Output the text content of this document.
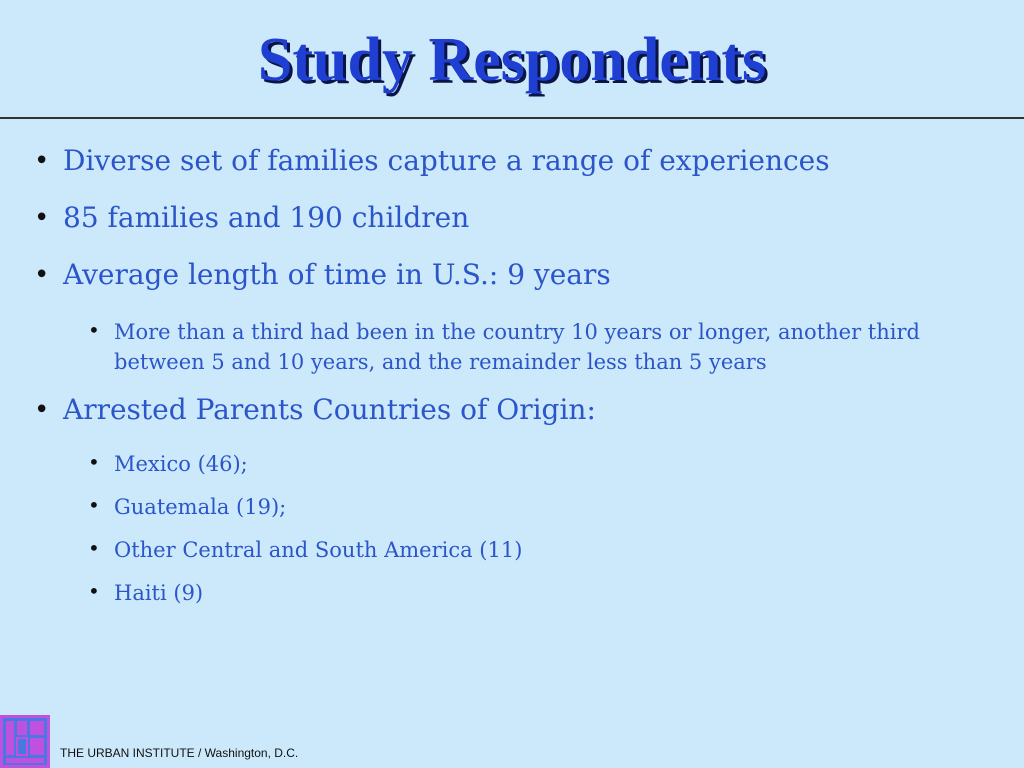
Study Respondents
• Diverse set of families capture a range of experiences
• 85 families and 190 children
• Average length of time in U.S.: 9 years
• More than a third had been in the country 10 years or longer, another third between 5 and 10 years, and the remainder less than 5 years
• Arrested Parents Countries of Origin:
• Mexico (46);
• Guatemala (19);
• Other Central and South America (11)
• Haiti (9)
THE URBAN INSTITUTE / Washington, D.C.
